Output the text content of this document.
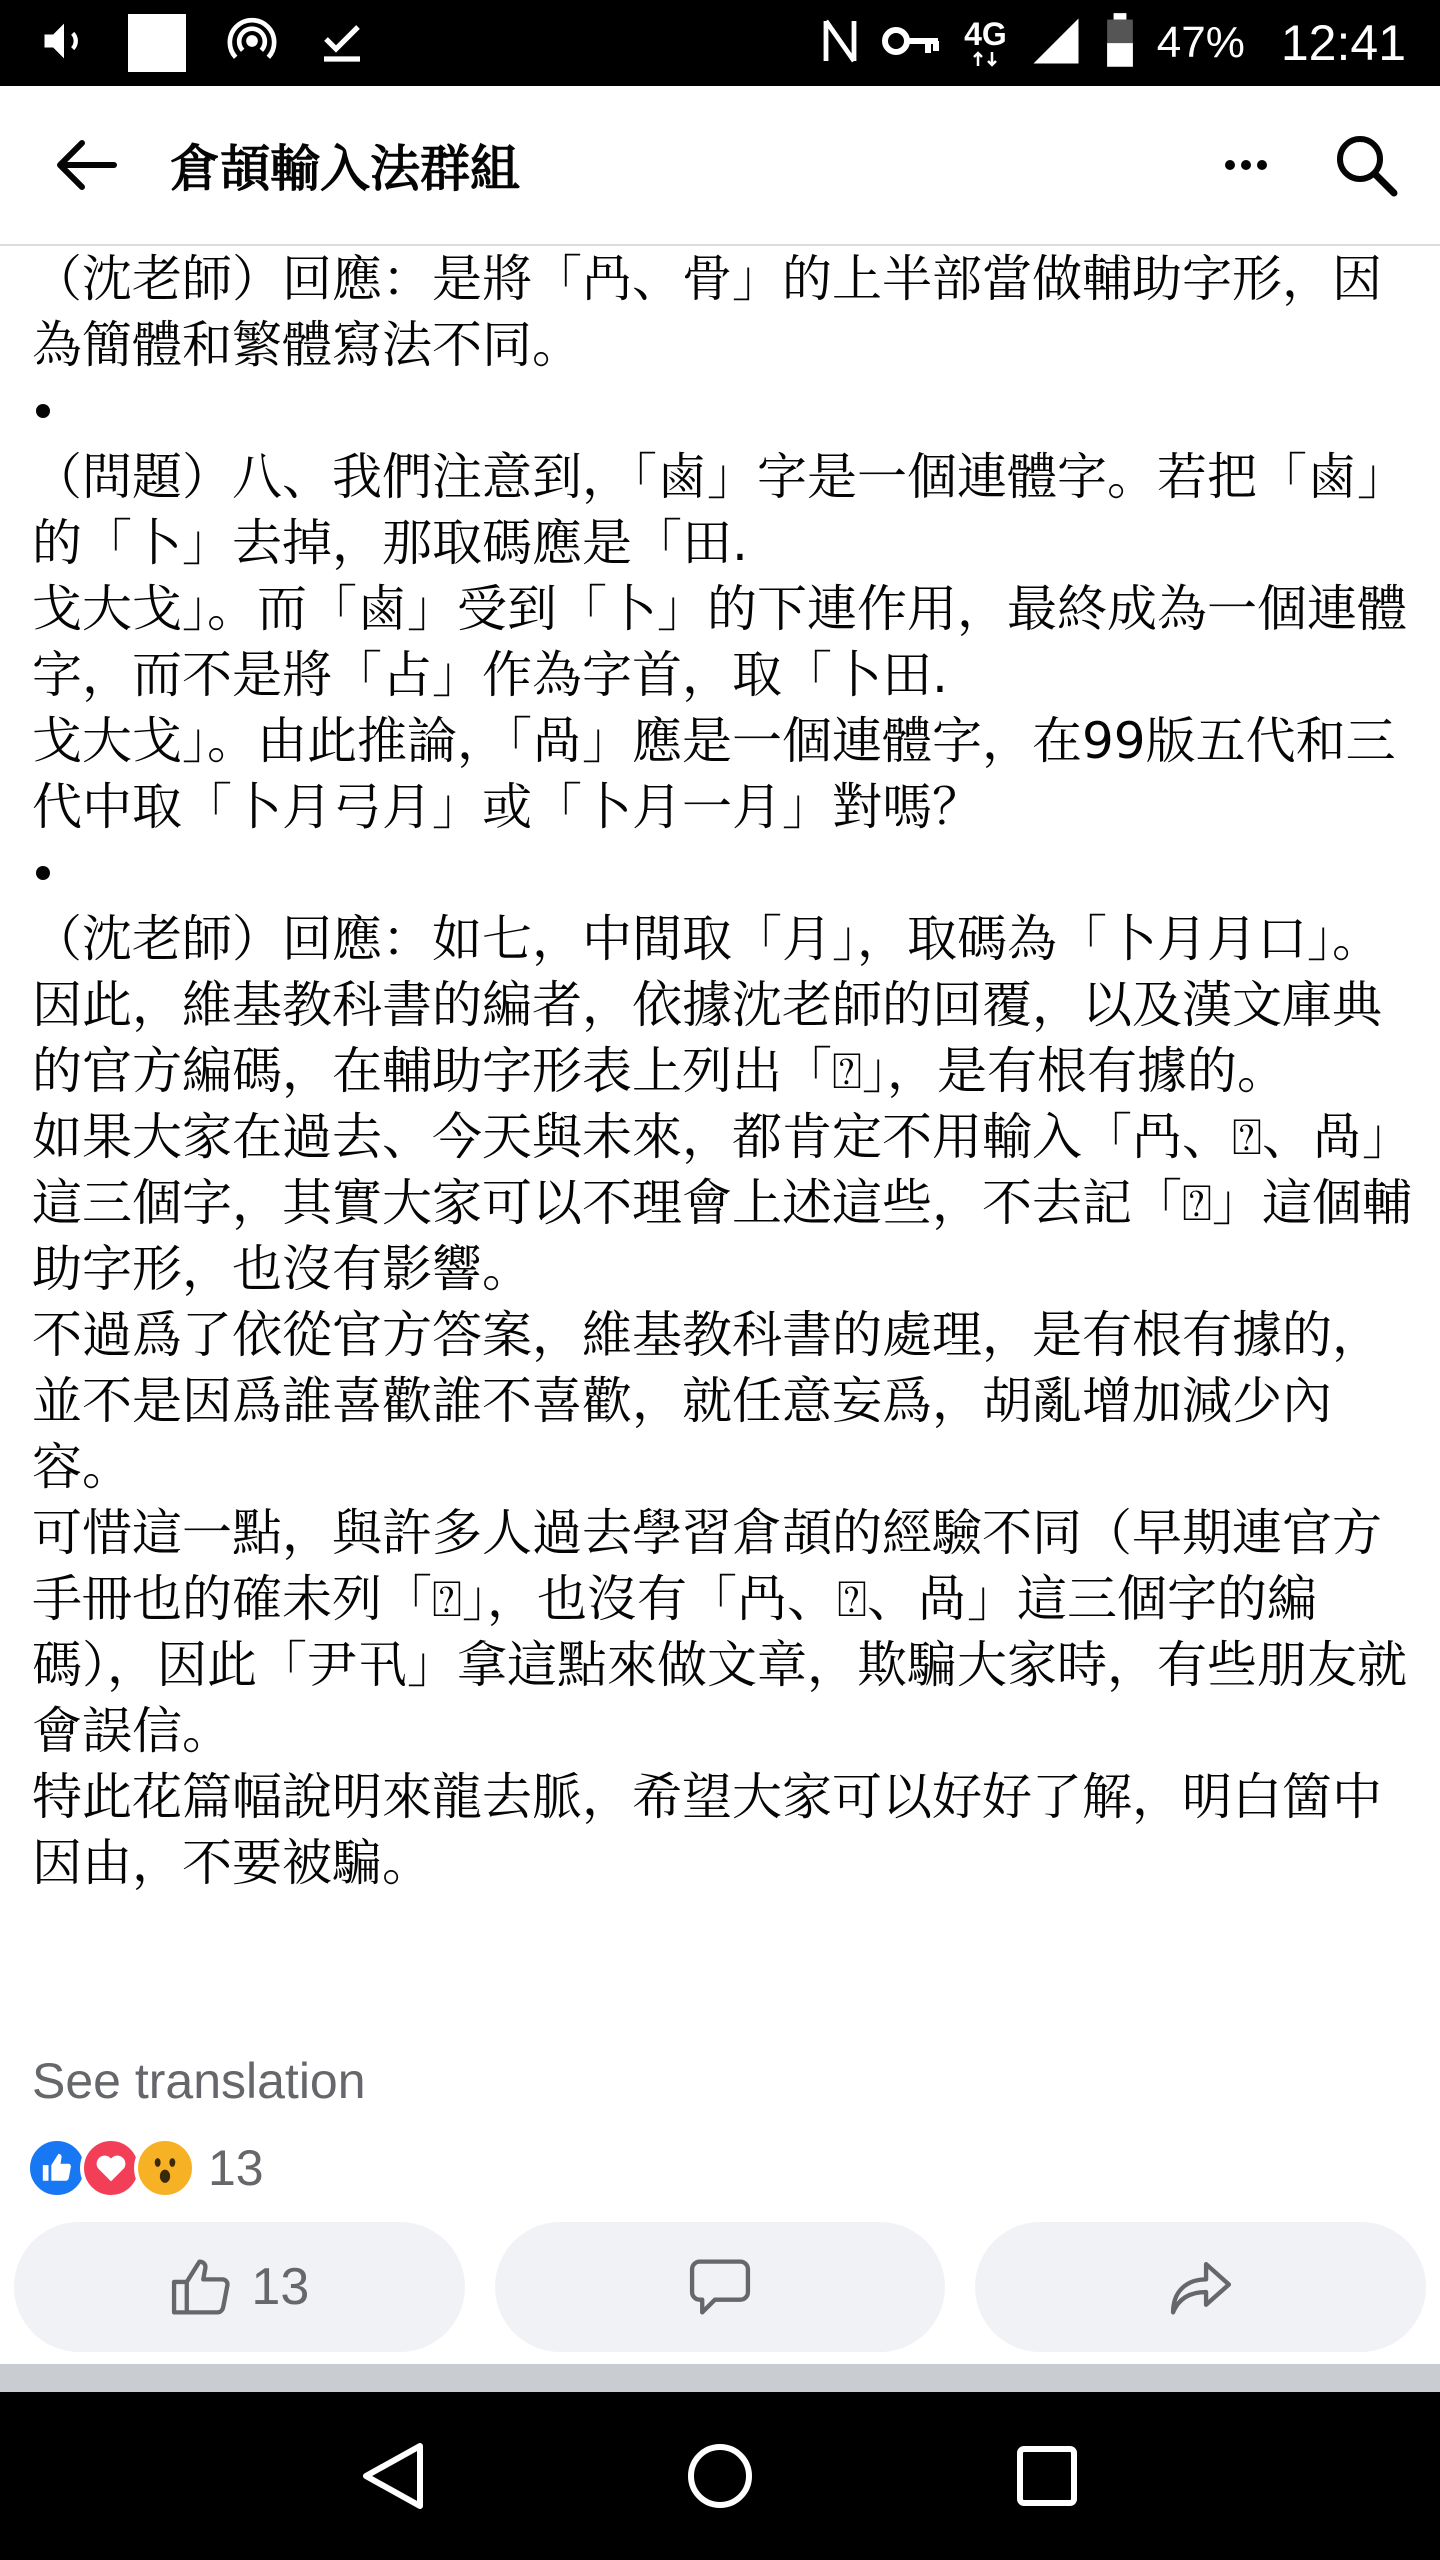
4G	47% 12:41
倉頡輸入法群組

（沈老師）回應：是將「冎、骨」的上半部當做輔助字形，因為簡體和繁體寫法不同。

（問題）八、我們注意到，「鹵」字是一個連體字。若把「鹵」的「卜」去掉，那取碼應是「田.

戈大戈」。而「鹵」受到「卜」的下連作用，最終成為一個連體字，而不是將「占」作為字首，取「卜田.

戈大戈」。由此推論，「咼」應是一個連體字，在99版五代和三代中取「卜月弓月」或「卜月一月」對嗎？

（沈老師）回應：如七，中間取「月」，取碼為「卜月月口」。

因此，維基教科書的編者，依據沈老師的回覆，以及漢文庫典的官方編碼，在輔助字形表上列出「⍰」，是有根有據的。

如果大家在過去、今天與未來，都肯定不用輸入「冎、⍰、咼」這三個字，其實大家可以不理會上述這些，不去記「⍰」這個輔助字形，也沒有影響。

不過爲了依從官方答案，維基教科書的處理，是有根有據的，並不是因爲誰喜歡誰不喜歡，就任意妄爲，胡亂增加減少內容。

可惜這一點，與許多人過去學習倉頡的經驗不同（早期連官方手冊也的確未列「⍰」，也沒有「冎、⍰、咼」這三個字的編碼），因此「尹卂」拿這點來做文章，欺騙大家時，有些朋友就會誤信。

特此花篇幅說明來龍去脈，希望大家可以好好了解，明白箇中因由，不要被騙。

See translation
13
13
